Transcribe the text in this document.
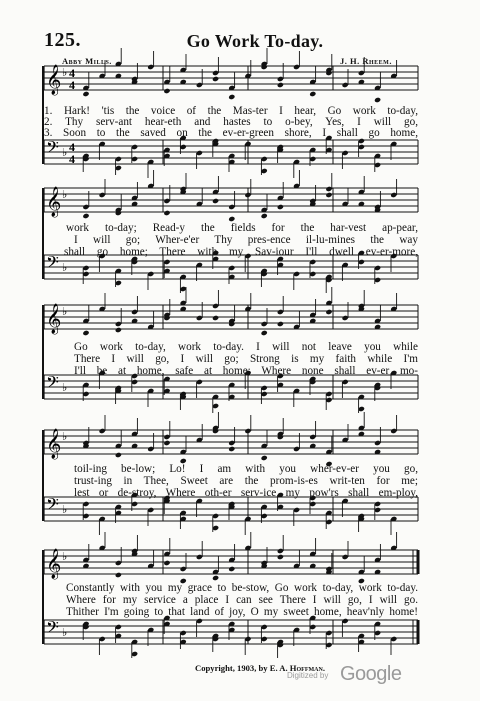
125.	Go Work To-day.
Abby Mills.	J. H. Rheem.
𝄞 ♭ 4
4
𝄢 ♭ 4
4
1. Hark! 'tis the voice of the Mas-ter I hear, Go work to-day,
2. Thy serv-ant hear-eth and hastes to o-bey, Yes, I will go,
3. Soon to the saved on the ev-er-green shore, I shall go home,
𝄞 ♭
𝄢 ♭
work to-day; Read-y the fields for the har-vest ap-pear,
I will go; Wher-e'er Thy pres-ence il-lu-mines the way
shall go home; There with my Sav-iour I'll dwell ev-er-more,
𝄞 ♭
𝄢 ♭
Go work to-day, work to-day. I will not leave you while
There I will go, I will go; Strong is my faith while I'm
I'll be at home, safe at home; Where none shall ev-er mo-
𝄞 ♭
𝄢 ♭
toil-ing be-low; Lo! I am with you wher-ev-er you go,
trust-ing in Thee, Sweet are the prom-is-es writ-ten for me;
lest or de-stroy, Where oth-er serv-ice my pow'rs shall em-ploy,
𝄞 ♭
𝄢 ♭
Constantly with you my grace to be-stow, Go work to-day, work to-day.
Where for my service a place I can see There I will go, I will go.
Thither I'm going to that land of joy, O my sweet home, heav'nly home!
Copyright, 1903, by E. A. Hoffman.
Digitized by Google
